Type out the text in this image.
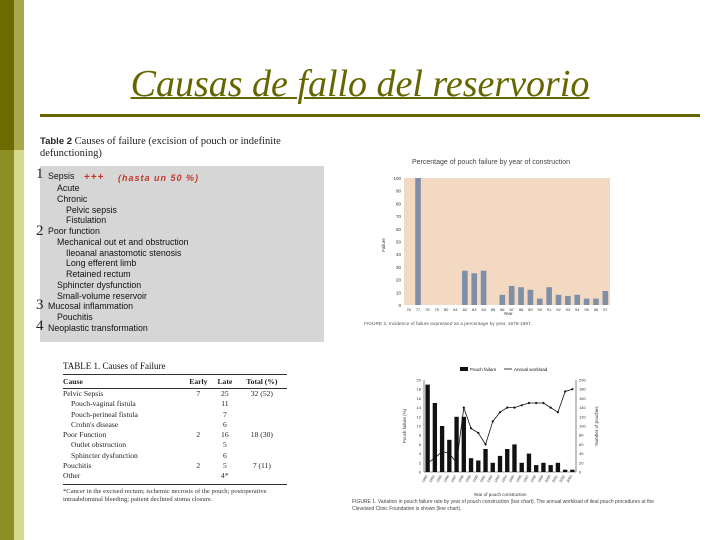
Causas de fallo del reservorio
Table 2 Causes of failure (excision of pouch or indefinite defunctioning)
Sepsis
Acute
Chronic
Pelvic sepsis
Fistulation
Poor function
Mechanical out et and obstruction
Ileoanal anastomotic stenosis
Long efferent limb
Retained rectum
Sphincter dysfunction
Small-volume reservoir
Mucosal inflammation
Pouchitis
Neoplastic transformation
1
2
3
4
+++ (hasta un 50 %)
Percentage of pouch failure by year of construction
0
10
20
30
40
50
60
70
80
90
100
76 77 78 79 80 81 82 83 84 85 86 87 88 89 90 91 92 93 94 95 96 97
Failure
Year
FIGURE 2. Incidence of failure expressed as a percentage by year, 1976-1997.
TABLE 1. Causes of Failure
Cause	Early	Late	Total (%)
Pelvic Sepsis	7	25	32 (52)
Pouch-vaginal fistula		11	
Pouch-perineal fistula		7	
Crohn's disease		6	
Poor Function	2	16	18 (30)
Outlet obstruction		5	
Sphincter dysfunction		6	
Pouchitis	2	5	7 (11)
Other		4*	
*Cancer in the excised rectum; ischemic necrosis of the pouch; postoperative intraabdominal bleeding; patient declined stoma closure.
Pouch failure	Annual workload
0
2
4
6
8
10
12
14
16
18
20
0
20
40
60
80
100
120
140
160
180
200
1983 1984 1985 1986 1987 1988 1989 1990 1991 1992 1993 1994 1995 1996 1997 1998 1999 2000 2001 2002 2003
Pouch failure (%)	Number of pouches
Year of pouch construction
FIGURE 1. Variation in pouch failure rate by year of pouch construction (bar chart). The annual workload of ileal pouch procedures at the Cleveland Clinic Foundation is shown (line chart).
